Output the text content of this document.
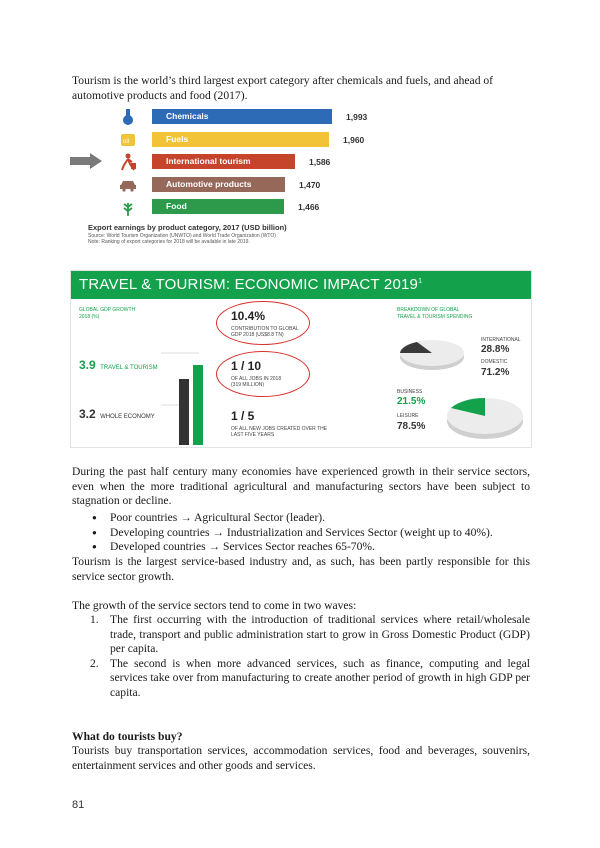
Tourism is the world’s third largest export category after chemicals and fuels, and ahead of automotive products and food (2017).
oil
Chemicals	1,993
Fuels	1,960
International tourism	1,586
Automotive products	1,470
Food	1,466
Export earnings by product category, 2017 (USD billion)
Source: World Tourism Organization (UNWTO) and World Trade Organization (WTO)
Note: Ranking of export categories for 2018 will be available in late 2019.
TRAVEL & TOURISM: ECONOMIC IMPACT 2019$^1$
GLOBAL GDP GROWTH
2018 (%)
3.9 TRAVEL & TOURISM
3.2 WHOLE ECONOMY
10.4%
CONTRIBUTION TO GLOBAL
GDP 2018 (US$8.8 TN)
1 / 10
OF ALL JOBS IN 2018
(319 MILLION)
1 / 5
OF ALL NEW JOBS CREATED OVER THE
LAST FIVE YEARS
BREAKDOWN OF GLOBAL
TRAVEL & TOURISM SPENDING
INTERNATIONAL
28.8%
DOMESTIC
71.2%
BUSINESS
21.5%
LEISURE
78.5%
During the past half century many economies have experienced growth in their service sectors, even when the more traditional agricultural and manufacturing sectors have been subject to stagnation or decline.
● Poor countries → Agricultural Sector (leader).
● Developing countries → Industrialization and Services Sector (weight up to 40%).
● Developed countries → Services Sector reaches 65-70%.
Tourism is the largest service-based industry and, as such, has been partly responsible for this service sector growth.
The growth of the service sectors tend to come in two waves:
1. The first occurring with the introduction of traditional services where retail/wholesale trade, transport and public administration start to grow in Gross Domestic Product (GDP) per capita.
2. The second is when more advanced services, such as finance, computing and legal services take over from manufacturing to create another period of growth in high GDP per capita.
What do tourists buy?
Tourists buy transportation services, accommodation services, food and beverages, souvenirs, entertainment services and other goods and services.
81
